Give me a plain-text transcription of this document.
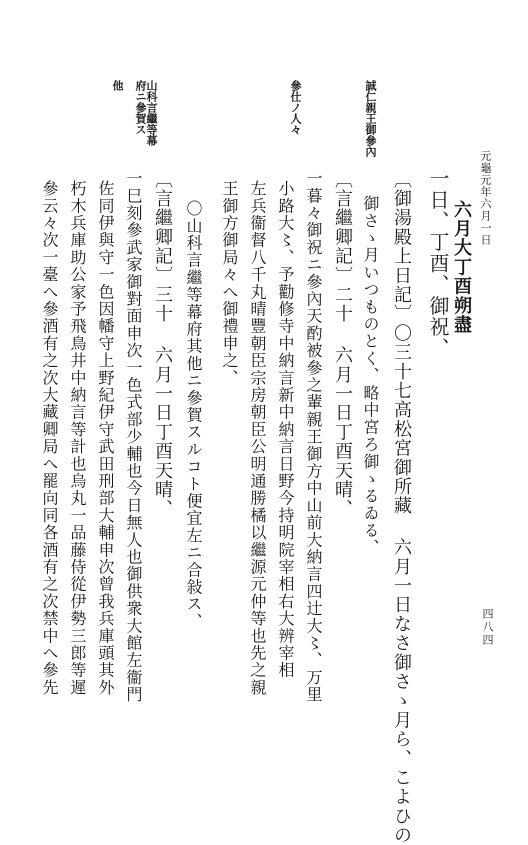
元龜元年六月一日
四八四
誠仁親王御參內
參仕ノ人々
山科言繼等幕府ニ參賀ス
他
一日、丁酉、御祝、 六月大丁酉朔盡
〔御湯殿上日記〕〇三十七高松宮御所藏 六月一日なさ御さゝ月ら、こよひの
御さゝ月いつものとく、略中宮ろ御ゝるゐる、
〔言繼卿記〕二十 六月一日丁酉天晴、
一暮々御祝ニ參內天酌被參之輩親王御方中山前大納言四辻大〻、万里
小路大〻、予勸修寺中納言新中納言日野今持明院宰相右大辨宰相
左兵衞督八千丸晴豐朝臣宗房朝臣公明通勝橘以繼源元仲等也先之親
王御方御局々へ御禮申之、
〇山科言繼等幕府其他ニ參賀スルコト便宜左ニ合敍ス、
〔言繼卿記〕三十 六月一日丁酉天晴、
一巳刻參武家御對面申次一色式部少輔也今日無人也御供衆大館左衞門
佐同伊與守一色因幡守上野紀伊守武田刑部大輔申次曾我兵庫頭其外
朽木兵庫助公家予飛鳥井中納言等計也烏丸一品藤侍從伊勢三郎等遲
參云々次一臺へ參酒有之次大藏卿局へ罷向同各酒有之次禁中へ參先
